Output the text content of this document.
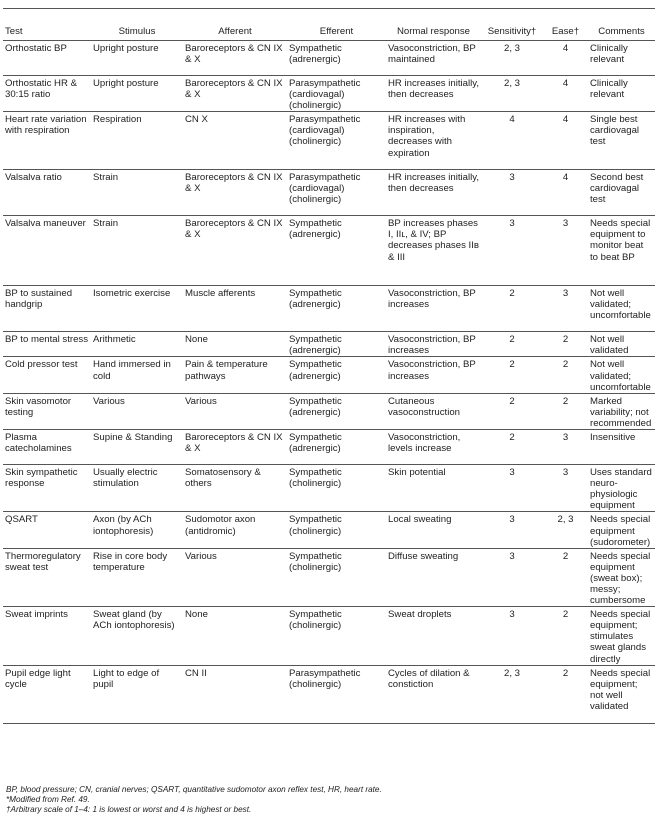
Test	Stimulus	Afferent	Efferent	Normal response	Sensitivity†	Ease†	Comments
Orthostatic BP	Upright posture	Baroreceptors & CN IX & X	Sympathetic (adrenergic)	Vasoconstriction, BP maintained	2, 3	4	Clinically relevant
Orthostatic HR & 30:15 ratio	Upright posture	Baroreceptors & CN IX & X	Parasympathetic (cardiovagal) (cholinergic)	HR increases initially, then decreases	2, 3	4	Clinically relevant
Heart rate variation with respiration	Respiration	CN X	Parasympathetic (cardiovagal) (cholinergic)	HR increases with inspiration, decreases with expiration	4	4	Single best cardiovagal test
Valsalva ratio	Strain	Baroreceptors & CN IX & X	Parasympathetic (cardiovagal) (cholinergic)	HR increases initially, then decreases	3	4	Second best cardiovagal test
Valsalva maneuver	Strain	Baroreceptors & CN IX & X	Sympathetic (adrenergic)	BP increases phases I, IIʟ, & IV; BP decreases phases IIʙ & III	3	3	Needs special equipment to monitor beat to beat BP
BP to sustained handgrip	Isometric exercise	Muscle afferents	Sympathetic (adrenergic)	Vasoconstriction, BP increases	2	3	Not well validated; uncomfortable
BP to mental stress	Arithmetic	None	Sympathetic (adrenergic)	Vasoconstriction, BP increases	2	2	Not well validated
Cold pressor test	Hand immersed in cold	Pain & temperature pathways	Sympathetic (adrenergic)	Vasoconstriction, BP increases	2	2	Not well validated; uncomfortable
Skin vasomotor testing	Various	Various	Sympathetic (adrenergic)	Cutaneous vasoconstruction	2	2	Marked variability; not recommended
Plasma catecholamines	Supine & Standing	Baroreceptors & CN IX & X	Sympathetic (adrenergic)	Vasoconstriction, levels increase	2	3	Insensitive
Skin sympathetic response	Usually electric stimulation	Somatosensory & others	Sympathetic (cholinergic)	Skin potential	3	3	Uses standard neuro-physiologic equipment
QSART	Axon (by ACh iontophoresis)	Sudomotor axon (antidromic)	Sympathetic (cholinergic)	Local sweating	3	2, 3	Needs special equipment (sudorometer)
Thermoregulatory sweat test	Rise in core body temperature	Various	Sympathetic (cholinergic)	Diffuse sweating	3	2	Needs special equipment (sweat box); messy; cumbersome
Sweat imprints	Sweat gland (by ACh iontophoresis)	None	Sympathetic (cholinergic)	Sweat droplets	3	2	Needs special equipment; stimulates sweat glands directly
Pupil edge light cycle	Light to edge of pupil	CN II	Parasympathetic (cholinergic)	Cycles of dilation & constiction	2, 3	2	Needs special equipment; not well validated
BP, blood pressure; CN, cranial nerves; QSART, quantitative sudomotor axon reflex test, HR, heart rate.
*Modified from Ref. 49.
†Arbitrary scale of 1–4: 1 is lowest or worst and 4 is highest or best.
